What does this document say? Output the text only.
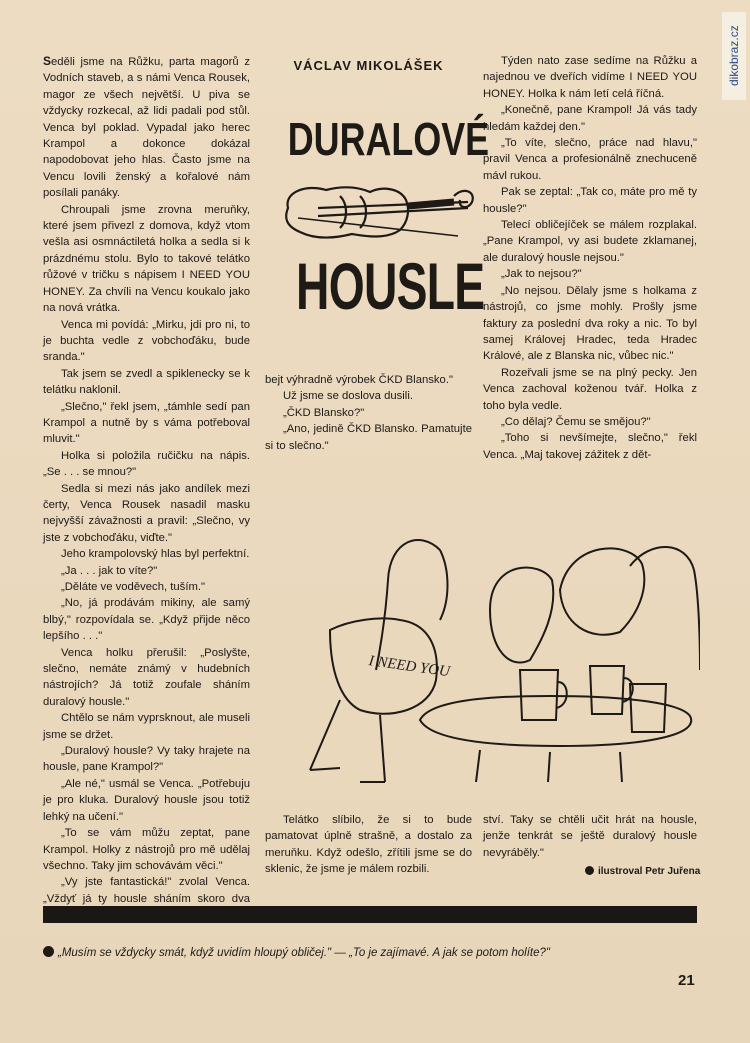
dikobraz.cz

Seděli jsme na Růžku, parta magorů z Vodních staveb, a s námi Venca Rousek, magor ze všech největší. U piva se vždycky rozkecal, až lidi padali pod stůl. Venca byl poklad. Vypadal jako herec Krampol a dokonce dokázal napodobovat jeho hlas. Často jsme na Vencu lovili ženský a kořalové nám posílali panáky.

Chroupali jsme zrovna meruňky, které jsem přivezl z domova, když vtom vešla asi osmnáctiletá holka a sedla si k prázdnému stolu. Bylo to takové telátko růžové v tričku s nápisem I NEED YOU HONEY. Za chvíli na Vencu koukalo jako na nová vrátka.

Venca mi povídá: „Mirku, jdi pro ni, to je buchta vedle z vobchoďáku, bude sranda."

Tak jsem se zvedl a spiklenecky se k telátku naklonil.

„Slečno," řekl jsem, „támhle sedí pan Krampol a nutně by s váma potřeboval mluvit."

Holka si položila ručičku na nápis. „Se . . . se mnou?"

Sedla si mezi nás jako andílek mezi čerty, Venca Rousek nasadil masku nejvyšší závažnosti a pravil: „Slečno, vy jste z vobchoďáku, viďte."

Jeho krampolovský hlas byl perfektní.

„Ja . . . jak to víte?"

„Děláte ve voděvech, tuším."

„No, já prodávám mikiny, ale samý blbý," rozpovídala se. „Když přijde něco lepšího . . ."

Venca holku přerušil: „Poslyšte, slečno, nemáte známý v hudebních nástrojích? Já totiž zoufale sháním duralový housle."

Chtělo se nám vyprsknout, ale museli jsme se držet.

„Duralový housle? Vy taky hrajete na housle, pane Krampol?"

„Ale né," usmál se Venca. „Potřebuju je pro kluka. Duralový housle jsou totiž lehký na učení."

„To se vám můžu zeptat, pane Krampol. Holky z nástrojů pro mě udělaj všechno. Taky jim schovávám věci."

„Vy jste fantastická!" zvolal Venca. „Vždyť já ty housle sháním skoro dva

VÁCLAV MIKOLÁŠEK
DURALOVÉ
HOUSLE

bejt výhradně výrobek ČKD Blansko."

Už jsme se doslova dusili.

„ČKD Blansko?"

„Ano, jedině ČKD Blansko. Pamatujte si to slečno."

Týden nato zase sedíme na Růžku a najednou ve dveřích vidíme I NEED YOU HONEY. Holka k nám letí celá říčná.

„Konečně, pane Krampol! Já vás tady hledám každej den."

„To víte, slečno, práce nad hlavu," pravil Venca a profesionálně znechuceně mávl rukou.

Pak se zeptal: „Tak co, máte pro mě ty housle?"

Telecí obličejíček se málem rozplakal. „Pane Krampol, vy asi budete zklamanej, ale duralový housle nejsou."

„Jak to nejsou?"

„No nejsou. Dělaly jsme s holkama z nástrojů, co jsme mohly. Prošly jsme faktury za poslední dva roky a nic. To byl samej Královej Hradec, teda Hradec Králové, ale z Blanska nic, vůbec nic."

Rozeřvali jsme se na plný pecky. Jen Venca zachoval koženou tvář. Holka z toho byla vedle.

„Co dělaj? Čemu se smějou?"

„Toho si nevšímejte, slečno," řekl Venca. „Maj takovej zážitek z dět-

I NEED YOU

Telátko slíbilo, že si to bude pamatovat úplně strašně, a dostalo za meruňku. Když odešlo, zřítili jsme se do sklenic, že jsme je málem rozbili.

ství. Taky se chtěli učit hrát na housle, jenže tenkrát se ještě duralový housle nevyráběly."

ilustroval Petr Juřena
„Musím se vždycky smát, když uvidím hloupý obličej." — „To je zajímavé. A jak se potom holíte?"
21
